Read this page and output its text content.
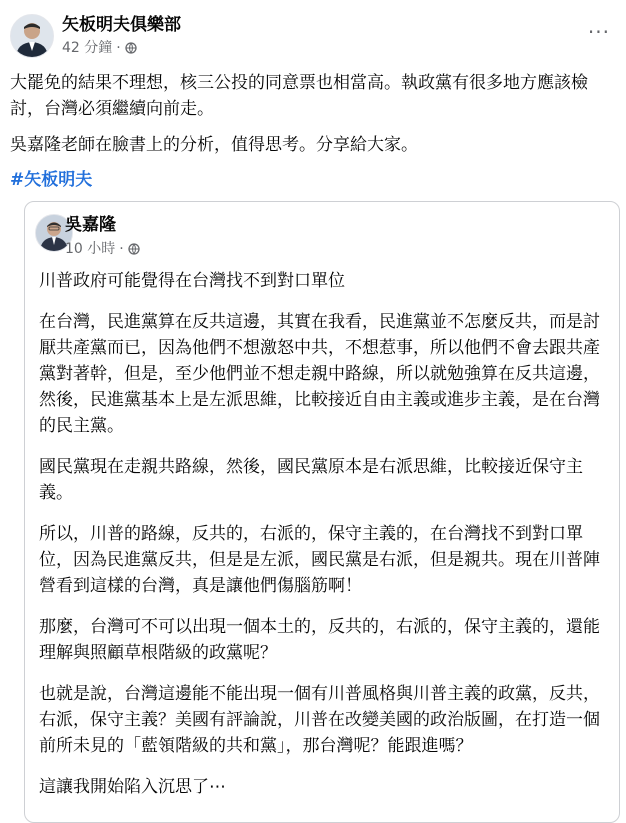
矢板明夫俱樂部
42 分鐘 ·
···

大罷免的結果不理想，核三公投的同意票也相當高。執政黨有很多地方應該檢討，台灣必須繼續向前走。

吳嘉隆老師在臉書上的分析，值得思考。分享給大家。

#矢板明夫
吳嘉隆
10 小時 ·

川普政府可能覺得在台灣找不到對口單位

在台灣，民進黨算在反共這邊，其實在我看，民進黨並不怎麼反共，而是討厭共產黨而已，因為他們不想激怒中共，不想惹事，所以他們不會去跟共產黨對著幹，但是，至少他們並不想走親中路線，所以就勉強算在反共這邊，然後，民進黨基本上是左派思維，比較接近自由主義或進步主義，是在台灣的民主黨。

國民黨現在走親共路線，然後，國民黨原本是右派思維，比較接近保守主義。

所以，川普的路線，反共的，右派的，保守主義的，在台灣找不到對口單位，因為民進黨反共，但是是左派，國民黨是右派，但是親共。現在川普陣營看到這樣的台灣，真是讓他們傷腦筋啊！

那麼，台灣可不可以出現一個本土的，反共的，右派的，保守主義的，還能理解與照顧草根階級的政黨呢？

也就是說，台灣這邊能不能出現一個有川普風格與川普主義的政黨，反共，右派，保守主義？美國有評論說，川普在改變美國的政治版圖，在打造一個前所未見的「藍領階級的共和黨」，那台灣呢？能跟進嗎？

這讓我開始陷入沉思了⋯
